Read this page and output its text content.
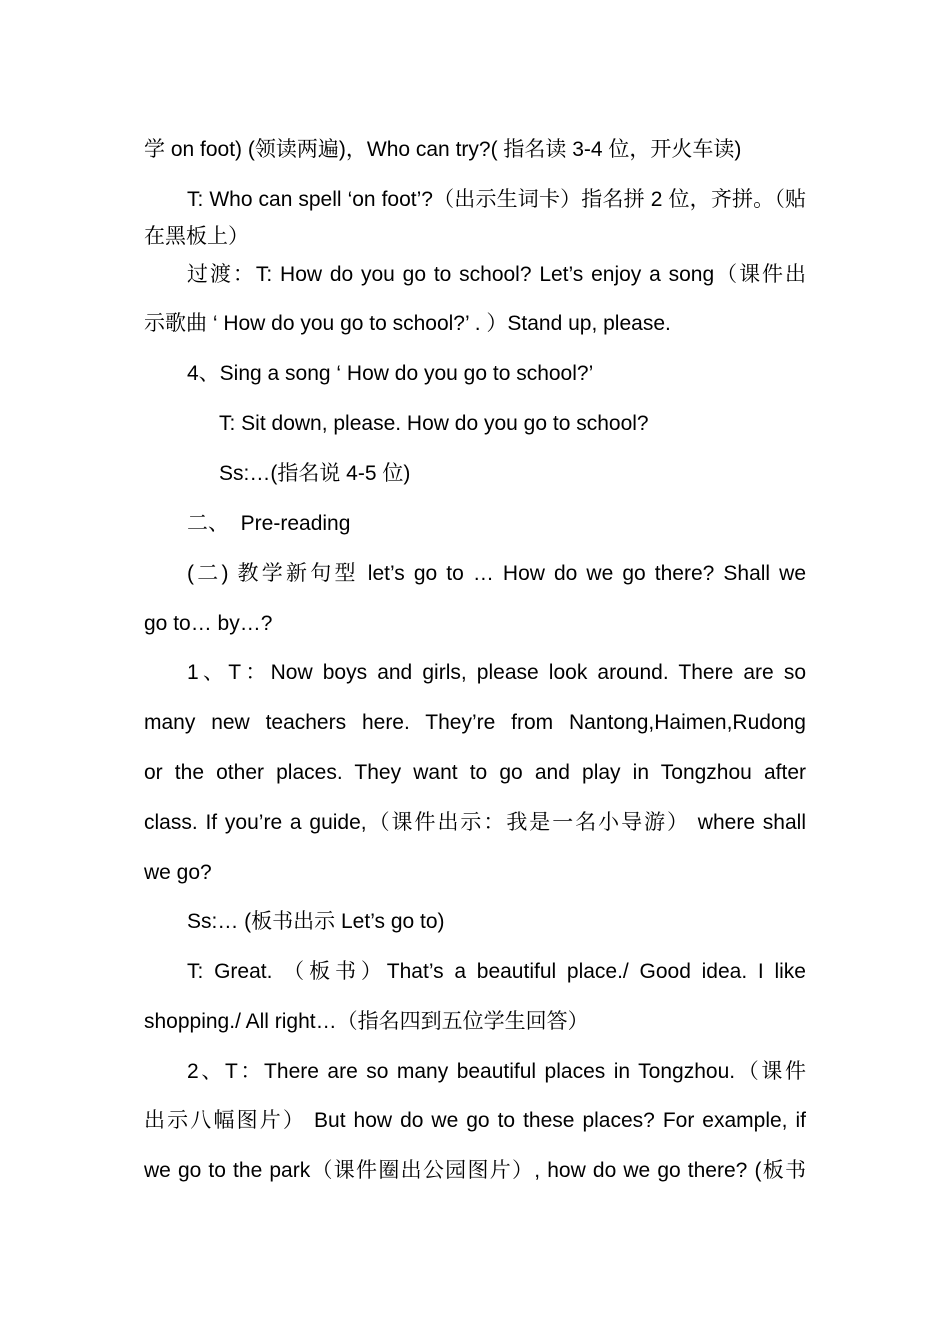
学 on foot) (领读两遍)，Who can try?( 指名读 3-4 位，开火车读)
T: Who can spell ‘on foot’?（出示生词卡）指名拼 2 位，齐拼。（贴
在黑板上）
过渡：T: How do you go to school? Let’s enjoy a song（课件出
示歌曲 ‘ How do you go to school?’ . ）Stand up, please.
4、Sing a song ‘ How do you go to school?’
T: Sit down, please. How do you go to school?
Ss:…(指名说 4-5 位)
二、  Pre-reading
(二) 教学新句型 let’s go to … How do we go there? Shall we
go to… by…?
1、T：Now boys and girls, please look around. There are so
many new teachers here. They’re from Nantong,Haimen,Rudong
or the other places. They want to go and play in Tongzhou after
class. If you’re a guide,（课件出示：我是一名小导游） where shall
we go?
Ss:… (板书出示 Let’s go to)
T: Great. （板书）That’s a beautiful place./ Good idea. I like
shopping./ All right…（指名四到五位学生回答）
2、T：There are so many beautiful places in Tongzhou.（课件
出示八幅图片） But how do we go to these places? For example, if
we go to the park（课件圈出公园图片）, how do we go there? (板书
